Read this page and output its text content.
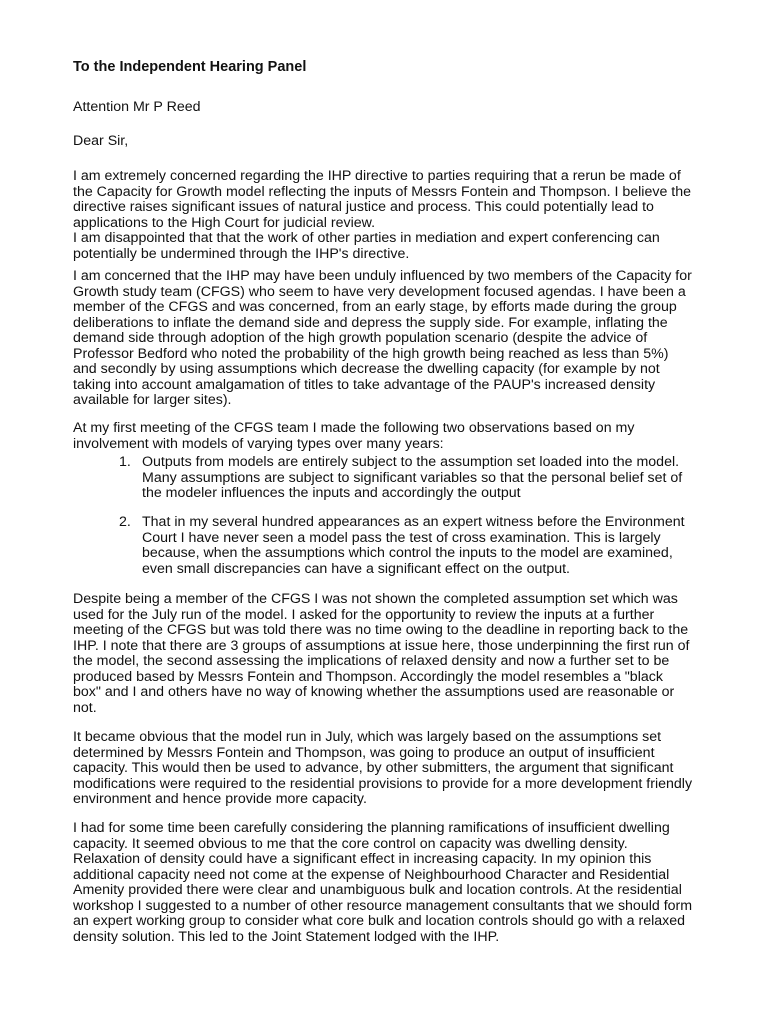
To the Independent Hearing Panel
Attention Mr P Reed
Dear Sir,
I am extremely concerned regarding the IHP directive to parties requiring that a rerun be made of
the Capacity for Growth model reflecting the inputs of Messrs Fontein and Thompson. I believe the
directive raises significant issues of natural justice and process. This could potentially lead to
applications to the High Court for judicial review.
I am disappointed that that the work of other parties in mediation and expert conferencing can
potentially be undermined through the IHP's directive.
I am concerned that the IHP may have been unduly influenced by two members of the Capacity for
Growth study team (CFGS) who seem to have very development focused agendas. I have been a
member of the CFGS and was concerned, from an early stage, by efforts made during the group
deliberations to inflate the demand side and depress the supply side. For example, inflating the
demand side through adoption of the high growth population scenario (despite the advice of
Professor Bedford who noted the probability of the high growth being reached as less than 5%)
and secondly by using assumptions which decrease the dwelling capacity (for example by not
taking into account amalgamation of titles to take advantage of the PAUP's increased density
available for larger sites).
At my first meeting of the CFGS team I made the following two observations based on my
involvement with models of varying types over many years:
1. Outputs from models are entirely subject to the assumption set loaded into the model.
Many assumptions are subject to significant variables so that the personal belief set of
the modeler influences the inputs and accordingly the output
2. That in my several hundred appearances as an expert witness before the Environment
Court I have never seen a model pass the test of cross examination. This is largely
because, when the assumptions which control the inputs to the model are examined,
even small discrepancies can have a significant effect on the output.
Despite being a member of the CFGS I was not shown the completed assumption set which was
used for the July run of the model. I asked for the opportunity to review the inputs at a further
meeting of the CFGS but was told there was no time owing to the deadline in reporting back to the
IHP. I note that there are 3 groups of assumptions at issue here, those underpinning the first run of
the model, the second assessing the implications of relaxed density and now a further set to be
produced based by Messrs Fontein and Thompson. Accordingly the model resembles a "black
box" and I and others have no way of knowing whether the assumptions used are reasonable or
not.
It became obvious that the model run in July, which was largely based on the assumptions set
determined by Messrs Fontein and Thompson, was going to produce an output of insufficient
capacity. This would then be used to advance, by other submitters, the argument that significant
modifications were required to the residential provisions to provide for a more development friendly
environment and hence provide more capacity.
I had for some time been carefully considering the planning ramifications of insufficient dwelling
capacity. It seemed obvious to me that the core control on capacity was dwelling density.
Relaxation of density could have a significant effect in increasing capacity. In my opinion this
additional capacity need not come at the expense of Neighbourhood Character and Residential
Amenity provided there were clear and unambiguous bulk and location controls. At the residential
workshop I suggested to a number of other resource management consultants that we should form
an expert working group to consider what core bulk and location controls should go with a relaxed
density solution. This led to the Joint Statement lodged with the IHP.
